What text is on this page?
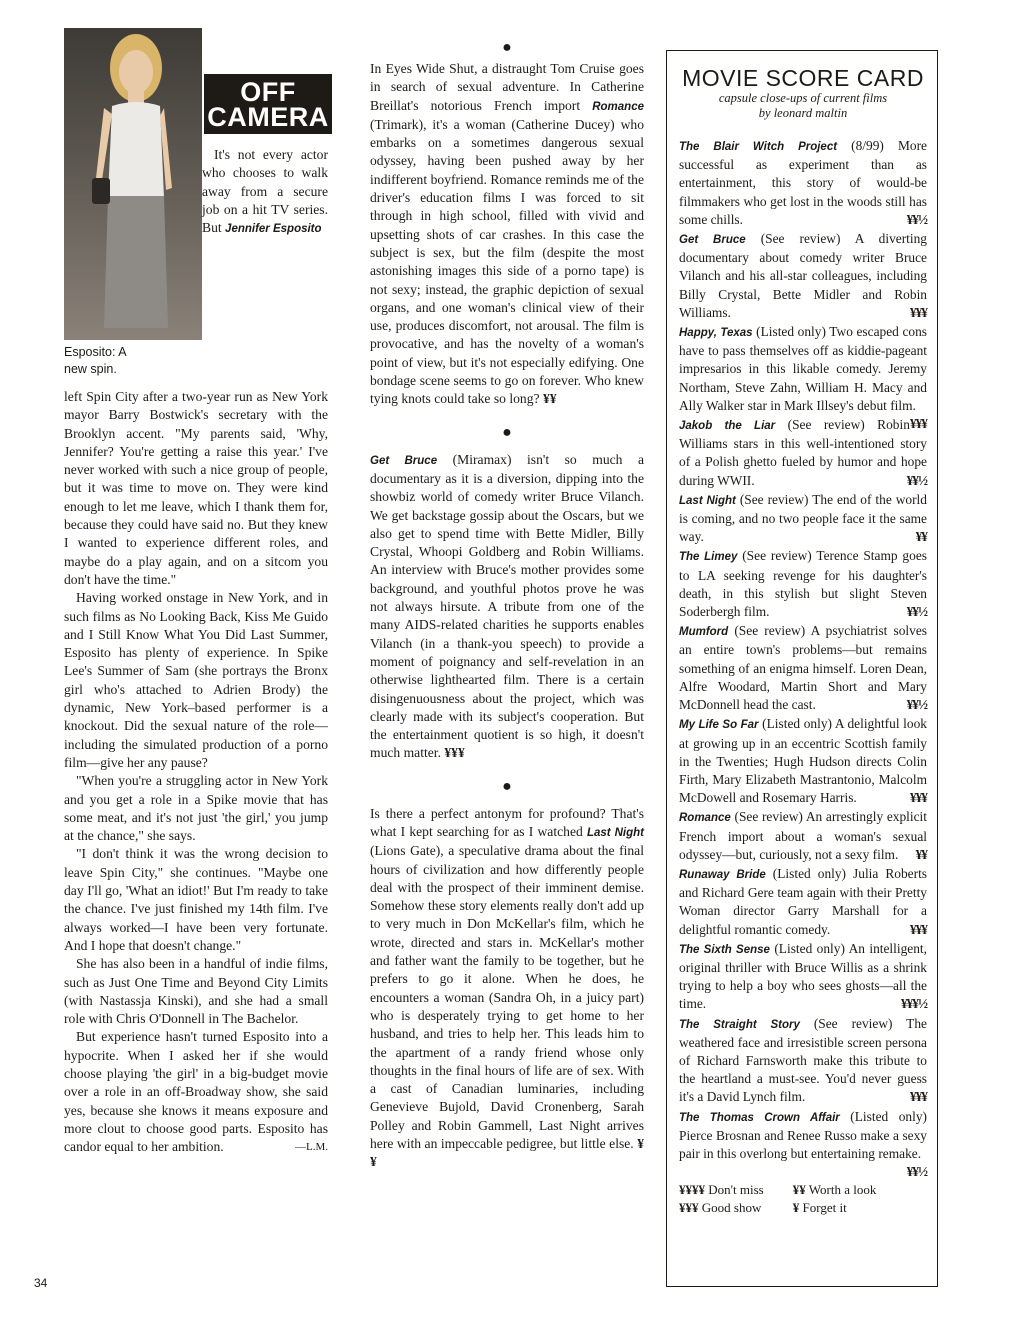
OFF
CAMERA

It's not every actor who chooses to walk away from a secure job on a hit TV series. But Jennifer Esposito

Esposito: A new spin.

left Spin City after a two-year run as New York mayor Barry Bostwick's secretary with the Brooklyn accent. "My parents said, 'Why, Jennifer? You're getting a raise this year.' I've never worked with such a nice group of people, but it was time to move on. They were kind enough to let me leave, which I thank them for, because they could have said no. But they knew I wanted to experience different roles, and maybe do a play again, and on a sitcom you don't have the time."

Having worked onstage in New York, and in such films as No Looking Back, Kiss Me Guido and I Still Know What You Did Last Summer, Esposito has plenty of experience. In Spike Lee's Summer of Sam (she portrays the Bronx girl who's attached to Adrien Brody) the dynamic, New York–based performer is a knockout. Did the sexual nature of the role—including the simulated production of a porno film—give her any pause?

"When you're a struggling actor in New York and you get a role in a Spike movie that has some meat, and it's not just 'the girl,' you jump at the chance," she says.

"I don't think it was the wrong decision to leave Spin City," she continues. "Maybe one day I'll go, 'What an idiot!' But I'm ready to take the chance. I've just finished my 14th film. I've always worked—I have been very fortunate. And I hope that doesn't change."

She has also been in a handful of indie films, such as Just One Time and Beyond City Limits (with Nastassja Kinski), and she had a small role with Chris O'Donnell in The Bachelor.

But experience hasn't turned Esposito into a hypocrite. When I asked her if she would choose playing 'the girl' in a big-budget movie over a role in an off-Broadway show, she said yes, because she knows it means exposure and more clout to choose good parts. Esposito has candor equal to her ambition.	—L.M.

●

In Eyes Wide Shut, a distraught Tom Cruise goes in search of sexual adventure. In Catherine Breillat's notorious French import Romance (Trimark), it's a woman (Catherine Ducey) who embarks on a sometimes dangerous sexual odyssey, having been pushed away by her indifferent boyfriend. Romance reminds me of the driver's education films I was forced to sit through in high school, filled with vivid and upsetting shots of car crashes. In this case the subject is sex, but the film (despite the most astonishing images this side of a porno tape) is not sexy; instead, the graphic depiction of sexual organs, and one woman's clinical view of their use, produces discomfort, not arousal. The film is provocative, and has the novelty of a woman's point of view, but it's not especially edifying. One bondage scene seems to go on forever. Who knew tying knots could take so long? ¥¥

●

Get Bruce (Miramax) isn't so much a documentary as it is a diversion, dipping into the showbiz world of comedy writer Bruce Vilanch. We get backstage gossip about the Oscars, but we also get to spend time with Bette Midler, Billy Crystal, Whoopi Goldberg and Robin Williams. An interview with Bruce's mother provides some background, and youthful photos prove he was not always hirsute. A tribute from one of the many AIDS-related charities he supports enables Vilanch (in a thank-you speech) to provide a moment of poignancy and self-revelation in an otherwise lighthearted film. There is a certain disingenuousness about the project, which was clearly made with its subject's cooperation. But the entertainment quotient is so high, it doesn't much matter. ¥¥¥

●

Is there a perfect antonym for profound? That's what I kept searching for as I watched Last Night (Lions Gate), a speculative drama about the final hours of civilization and how differently people deal with the prospect of their imminent demise. Somehow these story elements really don't add up to very much in Don McKellar's film, which he wrote, directed and stars in. McKellar's mother and father want the family to be together, but he prefers to go it alone. When he does, he encounters a woman (Sandra Oh, in a juicy part) who is desperately trying to get home to her husband, and tries to help her. This leads him to the apartment of a randy friend whose only thoughts in the final hours of life are of sex. With a cast of Canadian luminaries, including Genevieve Bujold, David Cronenberg, Sarah Polley and Robin Gammell, Last Night arrives here with an impeccable pedigree, but little else. ¥¥

MOVIE SCORE CARD

capsule close-ups of current films

by leonard maltin

The Blair Witch Project (8/99) More successful as experiment than as entertainment, this story of would-be filmmakers who get lost in the woods still has some chills.	¥¥½

Get Bruce (See review) A diverting documentary about comedy writer Bruce Vilanch and his all-star colleagues, including Billy Crystal, Bette Midler and Robin Williams.	¥¥¥

Happy, Texas (Listed only) Two escaped cons have to pass themselves off as kiddie-pageant impresarios in this likable comedy. Jeremy Northam, Steve Zahn, William H. Macy and Ally Walker star in Mark Illsey's debut film.
¥¥¥

Jakob the Liar (See review) Robin Williams stars in this well-intentioned story of a Polish ghetto fueled by humor and hope during WWII.	¥¥½

Last Night (See review) The end of the world is coming, and no two people face it the same way.	¥¥

The Limey (See review) Terence Stamp goes to LA seeking revenge for his daughter's death, in this stylish but slight Steven Soderbergh film.	¥¥½

Mumford (See review) A psychiatrist solves an entire town's problems—but remains something of an enigma himself. Loren Dean, Alfre Woodard, Martin Short and Mary McDonnell head the cast.	¥¥½

My Life So Far (Listed only) A delightful look at growing up in an eccentric Scottish family in the Twenties; Hugh Hudson directs Colin Firth, Mary Elizabeth Mastrantonio, Malcolm McDowell and Rosemary Harris.	¥¥¥

Romance (See review) An arrestingly explicit French import about a woman's sexual odyssey—but, curiously, not a sexy film. ¥¥

Runaway Bride (Listed only) Julia Roberts and Richard Gere team again with their Pretty Woman director Garry Marshall for a delightful romantic comedy.	¥¥¥

The Sixth Sense (Listed only) An intelligent, original thriller with Bruce Willis as a shrink trying to help a boy who sees ghosts—all the time.	¥¥¥½

The Straight Story (See review) The weathered face and irresistible screen persona of Richard Farnsworth make this tribute to the heartland a must-see. You'd never guess it's a David Lynch film.	¥¥¥

The Thomas Crown Affair (Listed only) Pierce Brosnan and Renee Russo make a sexy pair in this overlong but entertaining remake.
¥¥½

¥¥¥¥ Don't miss	¥¥ Worth a look
¥¥¥ Good show	¥ Forget it
34
